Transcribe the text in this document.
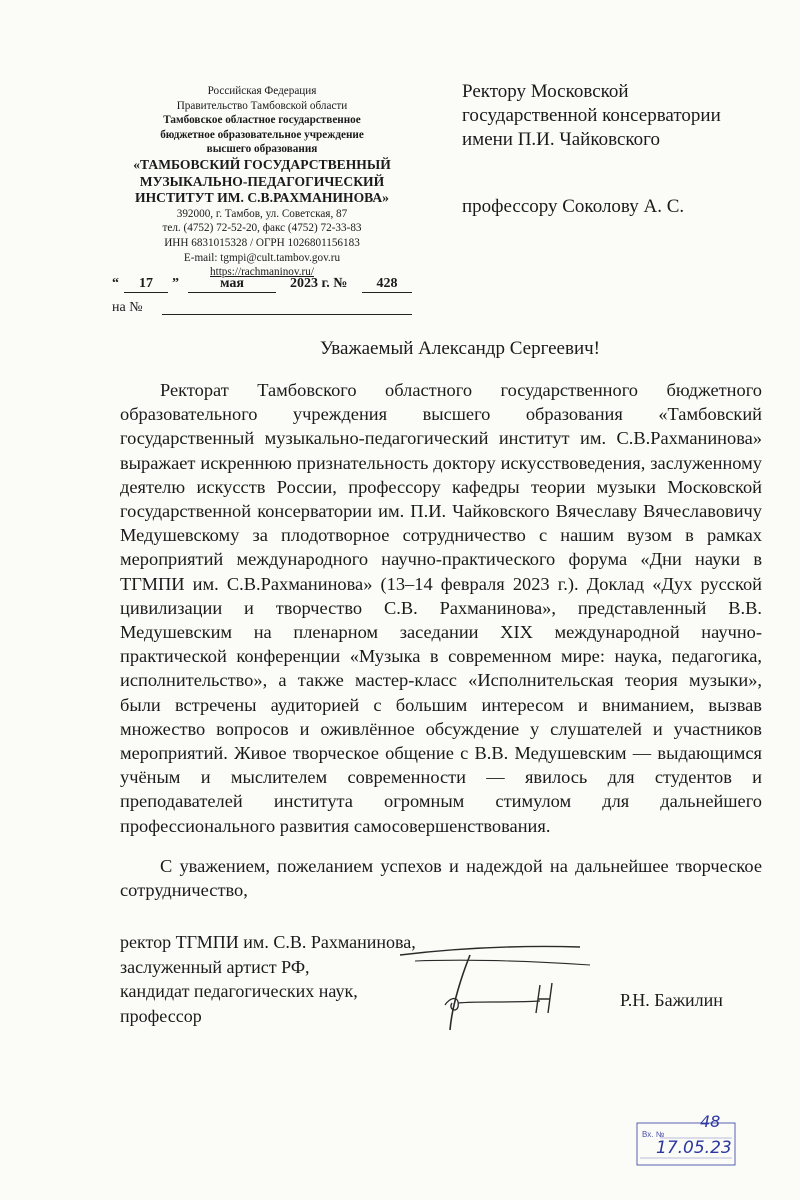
Российская Федерация
Правительство Тамбовской области
Тамбовское областное государственное
бюджетное образовательное учреждение
высшего образования
«ТАМБОВСКИЙ ГОСУДАРСТВЕННЫЙ
МУЗЫКАЛЬНО-ПЕДАГОГИЧЕСКИЙ
ИНСТИТУТ ИМ. С.В.РАХМАНИНОВА»
392000, г. Тамбов, ул. Советская, 87
тел. (4752) 72-52-20, факс (4752) 72-33-83
ИНН 6831015328 / ОГРН 1026801156183
E-mail: tgmpi@cult.tambov.gov.ru
https://rachmaninov.ru/
“	17	”	мая	2023 г. №	428
на №
Ректору Московской
государственной консерватории
имени П.И. Чайковского
профессору Соколову А. С.
Уважаемый Александр Сергеевич!

Ректорат Тамбовского областного государственного бюджетного образовательного учреждения высшего образования «Тамбовский государственный музыкально-педагогический институт им. С.В.Рахманинова» выражает искреннюю признательность доктору искусствоведения, заслуженному деятелю искусств России, профессору кафедры теории музыки Московской государственной консерватории им. П.И. Чайковского Вячеславу Вячеславовичу Медушевскому за плодотворное сотрудничество с нашим вузом в рамках мероприятий международного научно-практического форума «Дни науки в ТГМПИ им. С.В.Рахманинова» (13–14 февраля 2023 г.). Доклад «Дух русской цивилизации и творчество С.В. Рахманинова», представленный В.В. Медушевским на пленарном заседании XIX международной научно-практической конференции «Музыка в современном мире: наука, педагогика, исполнительство», а также мастер-класс «Исполнительская теория музыки», были встречены аудиторией с большим интересом и вниманием, вызвав множество вопросов и оживлённое обсуждение у слушателей и участников мероприятий. Живое творческое общение с В.В. Медушевским — выдающимся учёным и мыслителем современности — явилось для студентов и преподавателей института огромным стимулом для дальнейшего профессионального развития самосовершенствования.

С уважением, пожеланием успехов и надеждой на дальнейшее творческое сотрудничество,

ректор ТГМПИ им. С.В. Рахманинова,
заслуженный артист РФ,
кандидат педагогических наук,
профессор
Р.Н. Бажилин
Вх. №
48
17.05.23
